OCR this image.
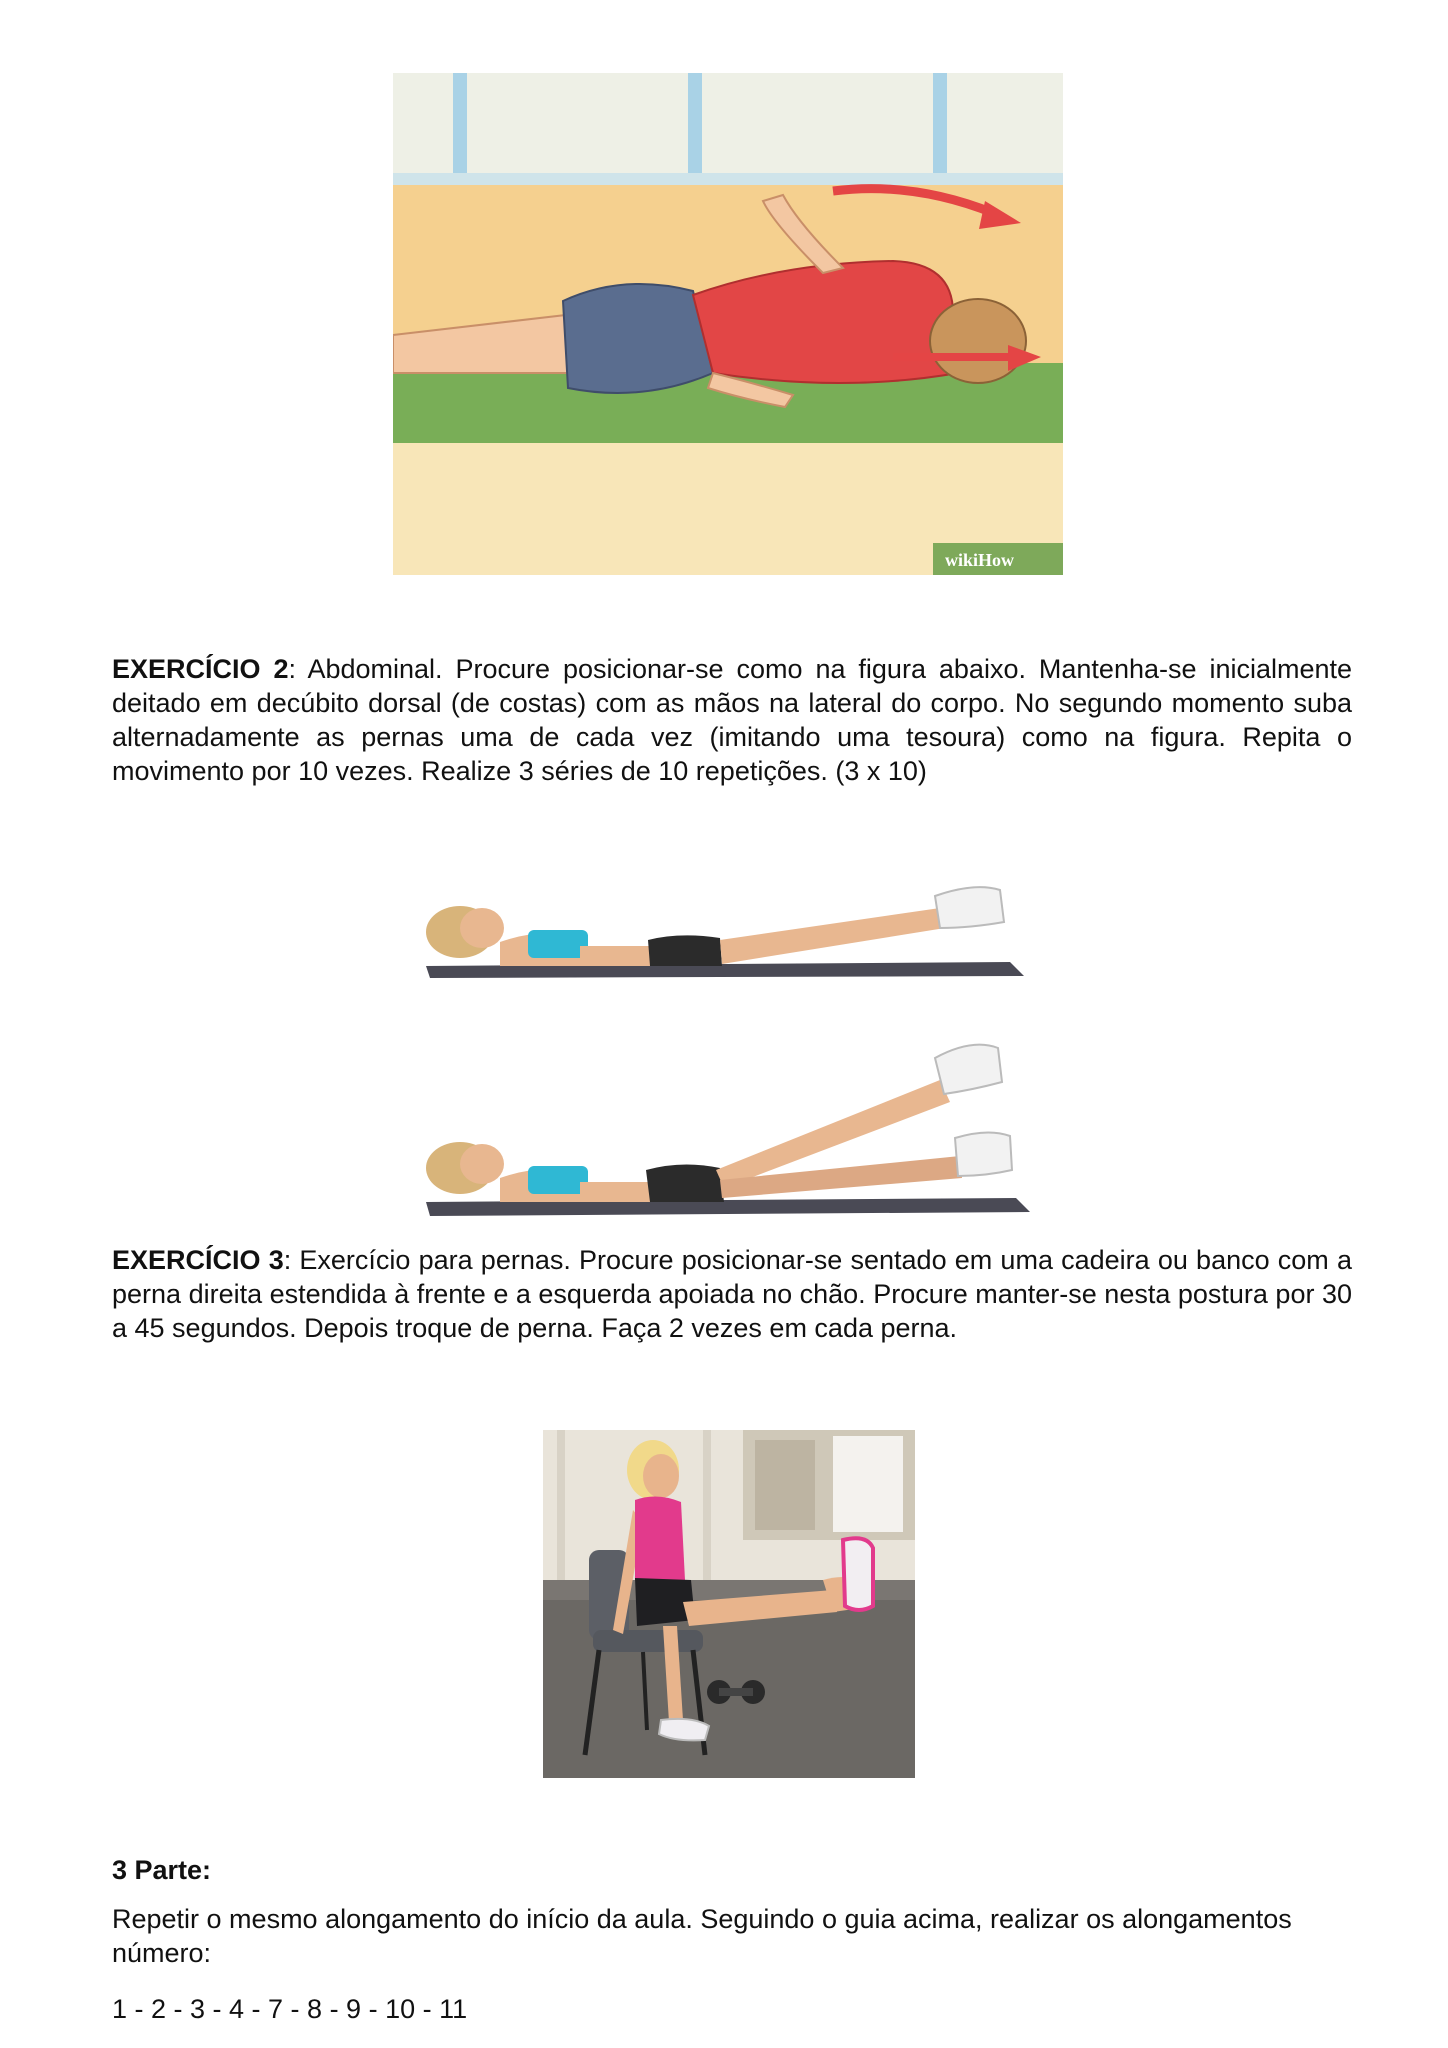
wikiHow
EXERCÍCIO 2: Abdominal. Procure posicionar-se como na figura abaixo. Mantenha-se inicialmente deitado em decúbito dorsal (de costas) com as mãos na lateral do corpo. No segundo momento suba alternadamente as pernas uma de cada vez (imitando uma tesoura) como na figura. Repita o movimento por 10 vezes. Realize 3 séries de 10 repetições. (3 x 10)
EXERCÍCIO 3: Exercício para pernas. Procure posicionar-se sentado em uma cadeira ou banco com a perna direita estendida à frente e a esquerda apoiada no chão. Procure manter-se nesta postura por 30 a 45 segundos. Depois troque de perna. Faça 2 vezes em cada perna.
3 Parte:
Repetir o mesmo alongamento do início da aula. Seguindo o guia acima, realizar os alongamentos número:
1 - 2 - 3 - 4 - 7 - 8 - 9 - 10 - 11
